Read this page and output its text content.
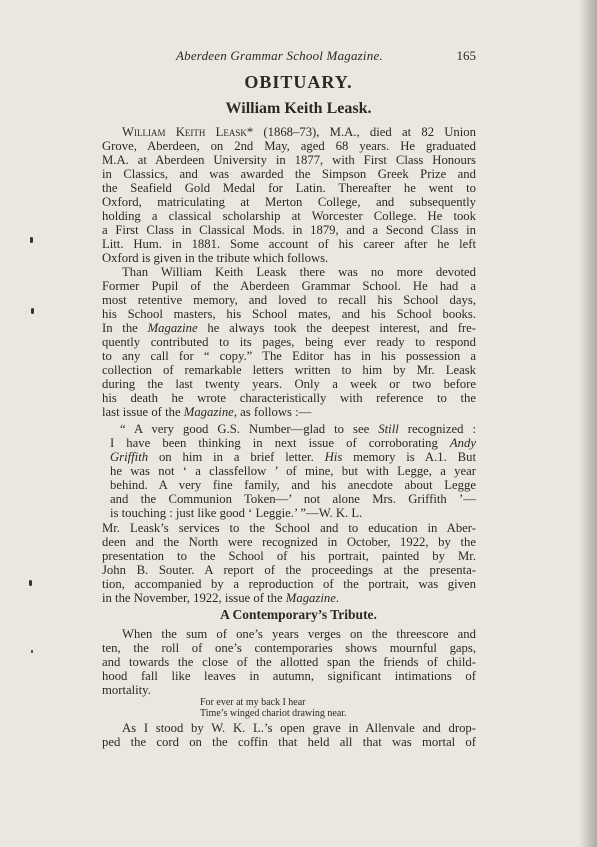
Aberdeen Grammar School Magazine.	165
OBITUARY.
William Keith Leask.
William Keith Leask* (1868–73), M.A., died at 82 Union
Grove, Aberdeen, on 2nd May, aged 68 years. He graduated
M.A. at Aberdeen University in 1877, with First Class Honours
in Classics, and was awarded the Simpson Greek Prize and
the Seafield Gold Medal for Latin. Thereafter he went to
Oxford, matriculating at Merton College, and subsequently
holding a classical scholarship at Worcester College. He took
a First Class in Classical Mods. in 1879, and a Second Class in
Litt. Hum. in 1881. Some account of his career after he left
Oxford is given in the tribute which follows.
Than William Keith Leask there was no more devoted
Former Pupil of the Aberdeen Grammar School. He had a
most retentive memory, and loved to recall his School days,
his School masters, his School mates, and his School books.
In the Magazine he always took the deepest interest, and fre-
quently contributed to its pages, being ever ready to respond
to any call for “ copy.” The Editor has in his possession a
collection of remarkable letters written to him by Mr. Leask
during the last twenty years. Only a week or two before
his death he wrote characteristically with reference to the
last issue of the Magazine, as follows :—
“ A very good G.S. Number—glad to see Still recognized :
I have been thinking in next issue of corroborating Andy
Griffith on him in a brief letter. His memory is A.1. But
he was not ‘ a classfellow ’ of mine, but with Legge, a year
behind. A very fine family, and his anecdote about Legge
and the Communion Token—’ not alone Mrs. Griffith ’—
is touching : just like good ‘ Leggie.’ ”—W. K. L.
Mr. Leask’s services to the School and to education in Aber-
deen and the North were recognized in October, 1922, by the
presentation to the School of his portrait, painted by Mr.
John B. Souter. A report of the proceedings at the presenta-
tion, accompanied by a reproduction of the portrait, was given
in the November, 1922, issue of the Magazine.
A Contemporary’s Tribute.
When the sum of one’s years verges on the threescore and
ten, the roll of one’s contemporaries shows mournful gaps,
and towards the close of the allotted span the friends of child-
hood fall like leaves in autumn, significant intimations of
mortality.
For ever at my back I hear
Time’s winged chariot drawing near.
As I stood by W. K. L.’s open grave in Allenvale and drop-
ped the cord on the coffin that held all that was mortal of
